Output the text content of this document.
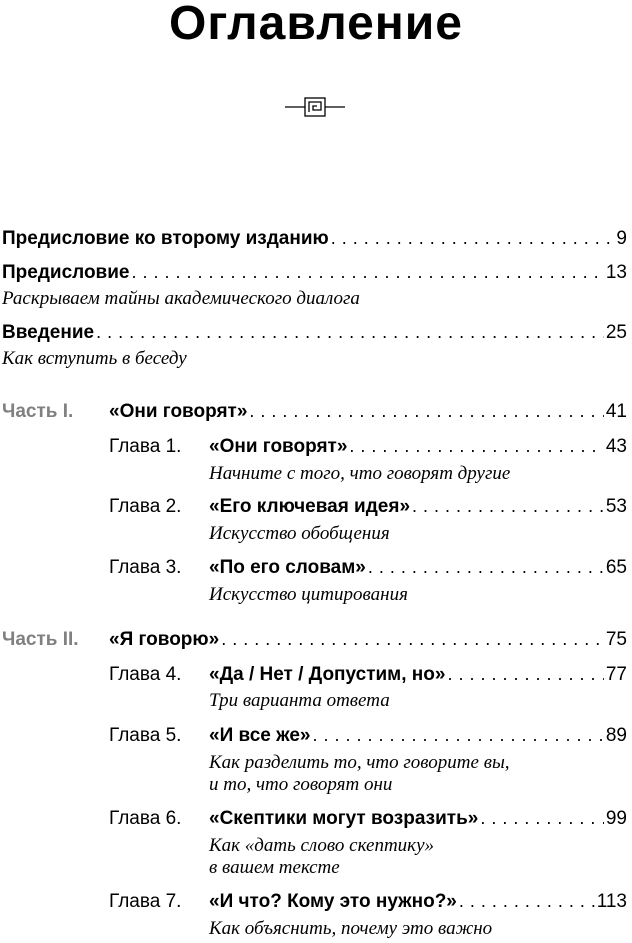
Оглавление
Предисловие ко второму изданию . . .	9
Предисловие . . .	13
Раскрываем тайны академического диалога
Введение . . .	25
Как вступить в беседу
Часть I. «Они говорят» . . .	41
Глава 1. «Они говорят» . . .	43
Начните с того, что говорят другие
Глава 2. «Его ключевая идея» . . .	53
Искусство обобщения
Глава 3. «По его словам» . . .	65
Искусство цитирования
Часть II. «Я говорю» . . .	75
Глава 4. «Да / Нет / Допустим, но» . . .	77
Три варианта ответа
Глава 5. «И все же» . . .	89
Как разделить то, что говорите вы,
и то, что говорят они
Глава 6. «Скептики могут возразить» . . .	99
Как «дать слово скептику»
в вашем тексте
Глава 7. «И что? Кому это нужно?» . . .	113
Как объяснить, почему это важно
